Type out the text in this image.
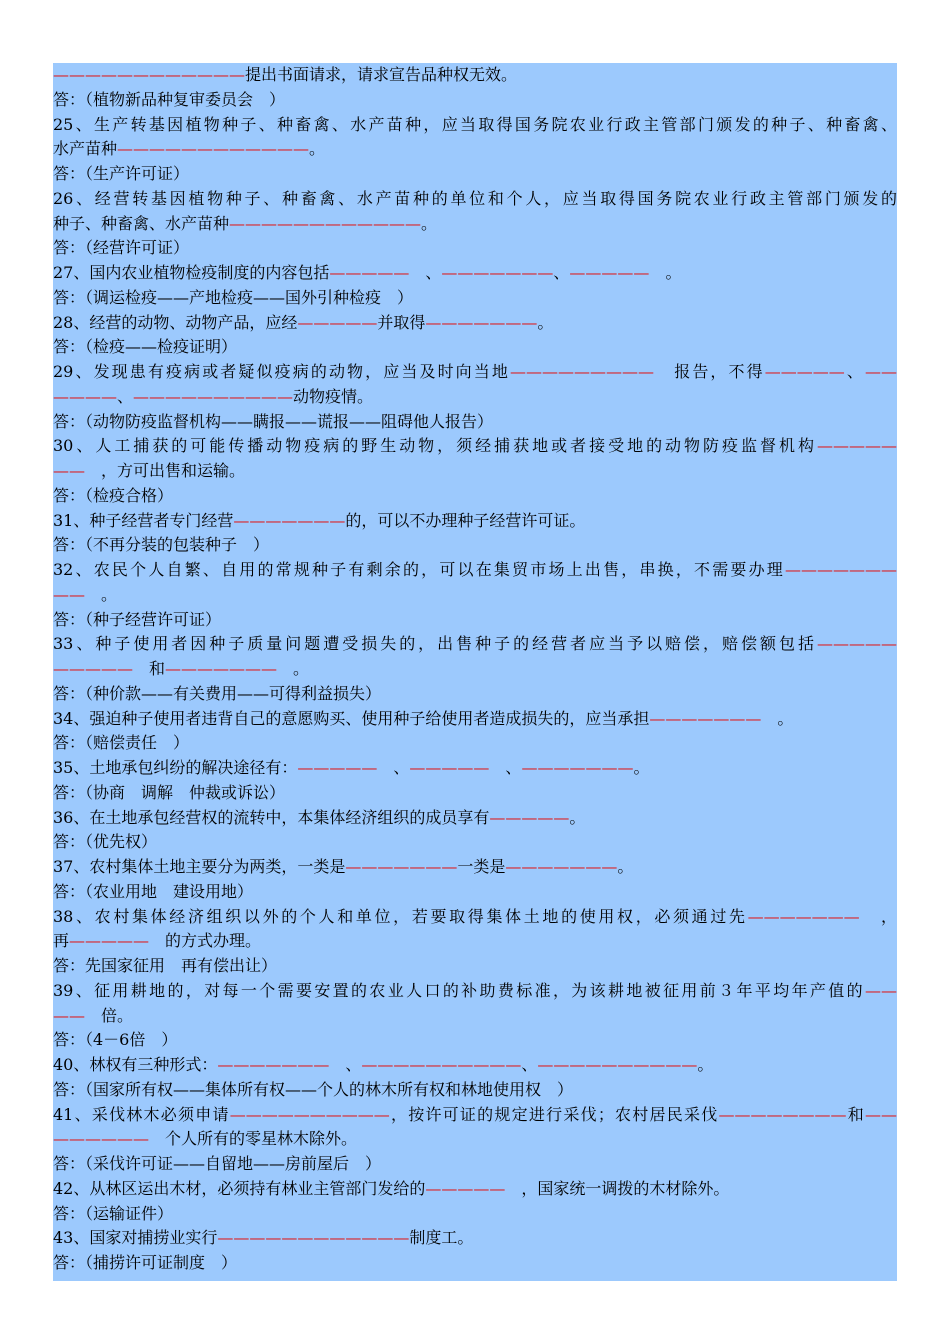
————————————提出书面请求，请求宣告品种权无效。
答：（植物新品种复审委员会　）
25、生产转基因植物种子、种畜禽、水产苗种，应当取得国务院农业行政主管部门颁发的种子、种畜禽、
水产苗种————————————。
答：（生产许可证）
26、经营转基因植物种子、种畜禽、水产苗种的单位和个人，应当取得国务院农业行政主管部门颁发的
种子、种畜禽、水产苗种————————————。
答：（经营许可证）
27、国内农业植物检疫制度的内容包括—————　、———————、—————　。
答：（调运检疫——产地检疫——国外引种检疫　）
28、经营的动物、动物产品，应经—————并取得———————。
答：（检疫——检疫证明）
29、发现患有疫病或者疑似疫病的动物，应当及时向当地—————————　报告，不得—————、——
————、——————————动物疫情。
答：（动物防疫监督机构——瞒报——谎报——阻碍他人报告）
30、人工捕获的可能传播动物疫病的野生动物，须经捕获地或者接受地的动物防疫监督机构—————
——　，方可出售和运输。
答：（检疫合格）
31、种子经营者专门经营———————的，可以不办理种子经营许可证。
答：（不再分装的包装种子　）
32、农民个人自繁、自用的常规种子有剩余的，可以在集贸市场上出售，串换，不需要办理———————
——　。
答：（种子经营许可证）
33、种子使用者因种子质量问题遭受损失的，出售种子的经营者应当予以赔偿，赔偿额包括—————
—————　和———————　。
答：（种价款——有关费用——可得利益损失）
34、强迫种子使用者违背自己的意愿购买、使用种子给使用者造成损失的，应当承担———————　。
答：（赔偿责任　）
35、土地承包纠纷的解决途径有：—————　、—————　、———————。
答：（协商　调解　仲裁或诉讼）
36、在土地承包经营权的流转中，本集体经济组织的成员享有—————。
答：（优先权）
37、农村集体土地主要分为两类，一类是———————一类是———————。
答：（农业用地　建设用地）
38、农村集体经济组织以外的个人和单位，若要取得集体土地的使用权，必须通过先———————　，
再—————　的方式办理。
答：先国家征用　再有偿出让）
39、征用耕地的，对每一个需要安置的农业人口的补助费标准，为该耕地被征用前３年平均年产值的——
——　倍。
答：（4－6倍　）
40、林权有三种形式：———————　、——————————、——————————。
答：（国家所有权——集体所有权——个人的林木所有权和林地使用权　）
41、采伐林木必须申请——————————，按许可证的规定进行采伐；农村居民采伐————————和——
——————　个人所有的零星林木除外。
答：（采伐许可证——自留地——房前屋后　）
42、从林区运出木材，必须持有林业主管部门发给的—————　，国家统一调拨的木材除外。
答：（运输证件）
43、国家对捕捞业实行————————————制度工。
答：（捕捞许可证制度　）
